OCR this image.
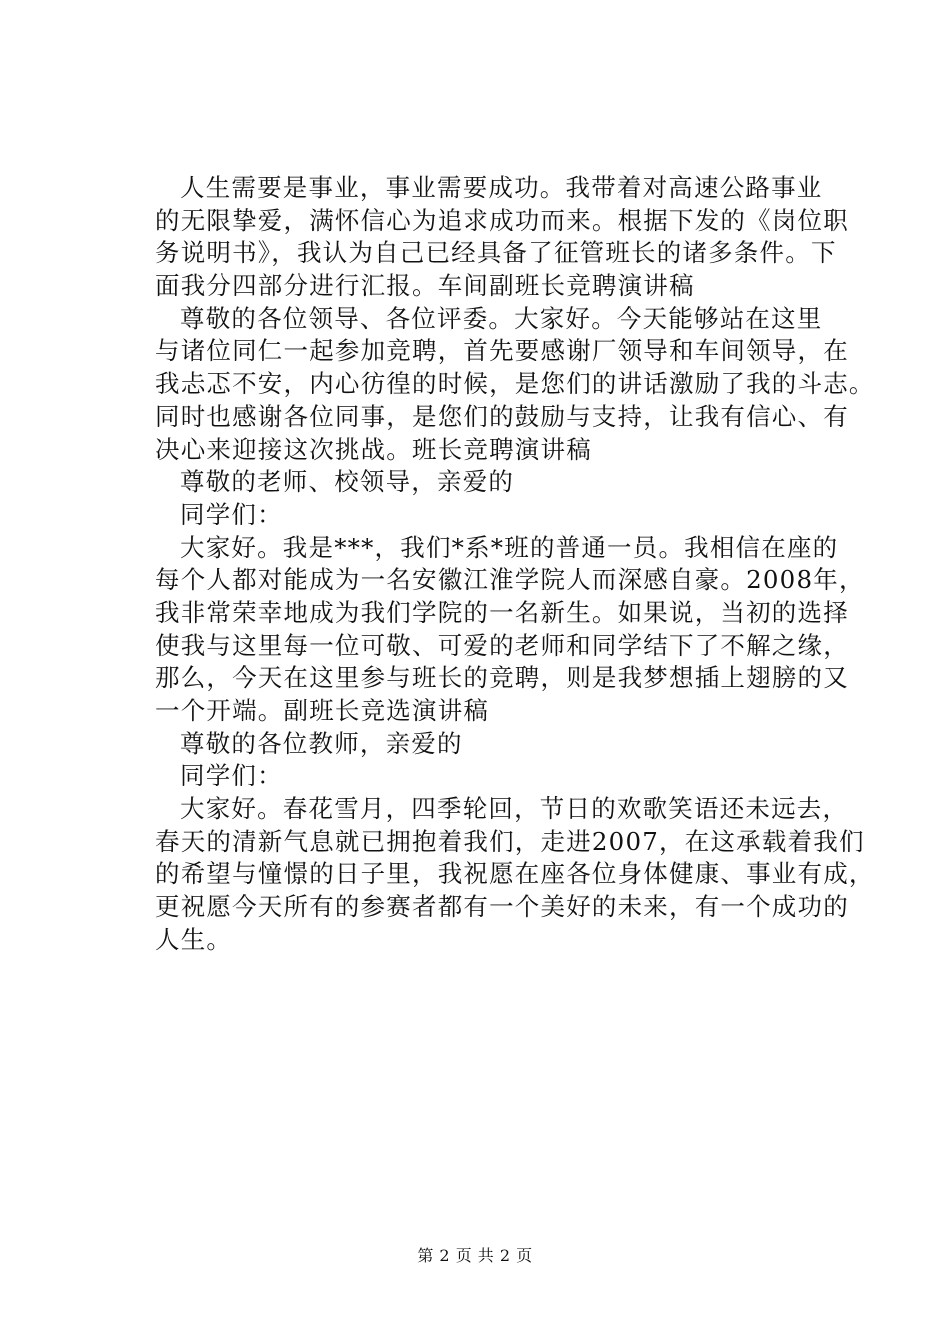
人生需要是事业，事业需要成功。我带着对高速公路事业
的无限挚爱，满怀信心为追求成功而来。根据下发的《岗位职
务说明书》，我认为自己已经具备了征管班长的诸多条件。下
面我分四部分进行汇报。车间副班长竞聘演讲稿
尊敬的各位领导、各位评委。大家好。今天能够站在这里
与诸位同仁一起参加竞聘，首先要感谢厂领导和车间领导，在
我忐忑不安，内心彷徨的时候，是您们的讲话激励了我的斗志。
同时也感谢各位同事，是您们的鼓励与支持，让我有信心、有
决心来迎接这次挑战。班长竞聘演讲稿
尊敬的老师、校领导，亲爱的
同学们：
大家好。我是***，我们*系*班的普通一员。我相信在座的
每个人都对能成为一名安徽江淮学院人而深感自豪。2008年，
我非常荣幸地成为我们学院的一名新生。如果说，当初的选择
使我与这里每一位可敬、可爱的老师和同学结下了不解之缘，
那么，今天在这里参与班长的竞聘，则是我梦想插上翅膀的又
一个开端。副班长竞选演讲稿
尊敬的各位教师，亲爱的
同学们：
大家好。春花雪月，四季轮回，节日的欢歌笑语还未远去，
春天的清新气息就已拥抱着我们，走进2007，在这承载着我们
的希望与憧憬的日子里，我祝愿在座各位身体健康、事业有成，
更祝愿今天所有的参赛者都有一个美好的未来，有一个成功的
人生。
第 2 页 共 2 页
